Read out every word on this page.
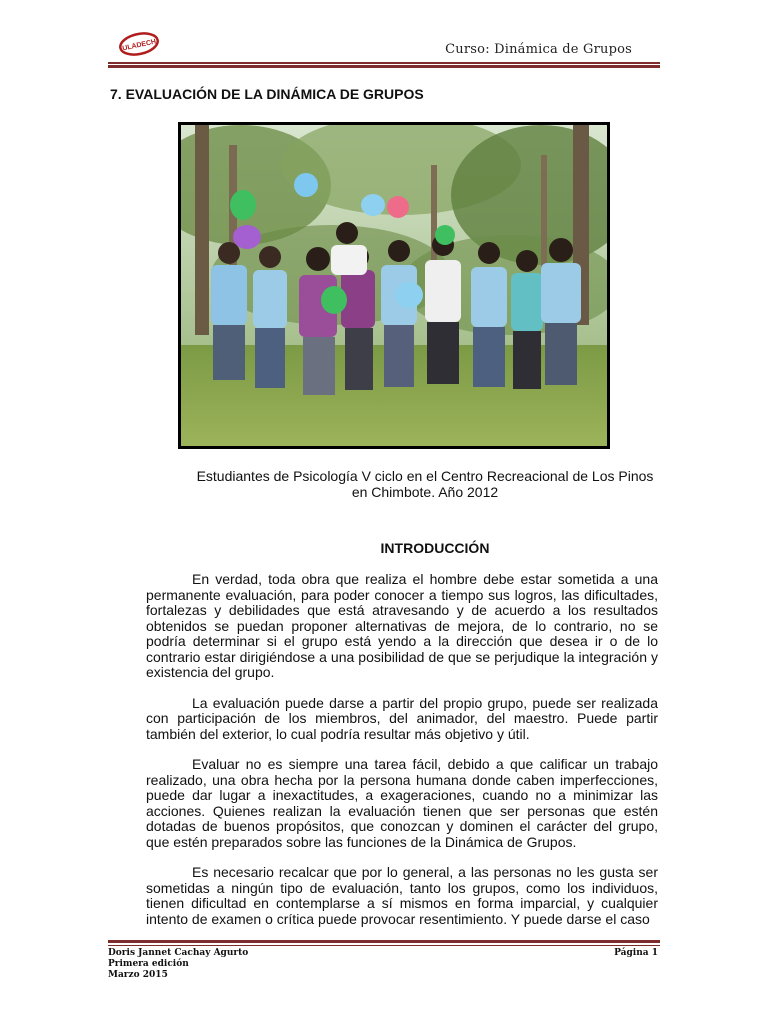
ULADECH	Curso: Dinámica de Grupos
7. EVALUACIÓN DE LA DINÁMICA DE GRUPOS
Estudiantes de Psicología V ciclo en el Centro Recreacional de Los Pinos
en Chimbote. Año 2012
INTRODUCCIÓN

En verdad, toda obra que realiza el hombre debe estar sometida a una permanente evaluación, para poder conocer a tiempo sus logros, las dificultades, fortalezas y debilidades que está atravesando y de acuerdo a los resultados obtenidos se puedan proponer alternativas de mejora, de lo contrario, no se podría determinar si el grupo está yendo a la dirección que desea ir o de lo contrario estar dirigiéndose a una posibilidad de que se perjudique la integración y existencia del grupo.

La evaluación puede darse a partir del propio grupo, puede ser realizada con participación de los miembros, del animador, del maestro. Puede partir también del exterior, lo cual podría resultar más objetivo y útil.

Evaluar no es siempre una tarea fácil, debido a que calificar un trabajo realizado, una obra hecha por la persona humana donde caben imperfecciones, puede dar lugar a inexactitudes, a exageraciones, cuando no a minimizar las acciones. Quienes realizan la evaluación tienen que ser personas que estén dotadas de buenos propósitos, que conozcan y dominen el carácter del grupo, que estén preparados sobre las funciones de la Dinámica de Grupos.

Es necesario recalcar que por lo general, a las personas no les gusta ser sometidas a ningún tipo de evaluación, tanto los grupos, como los individuos, tienen dificultad en contemplarse a sí mismos en forma imparcial, y cualquier intento de examen o crítica puede provocar resentimiento. Y puede darse el caso

Doris Jannet Cachay Agurto
Primera edición
Marzo 2015
Página 1
